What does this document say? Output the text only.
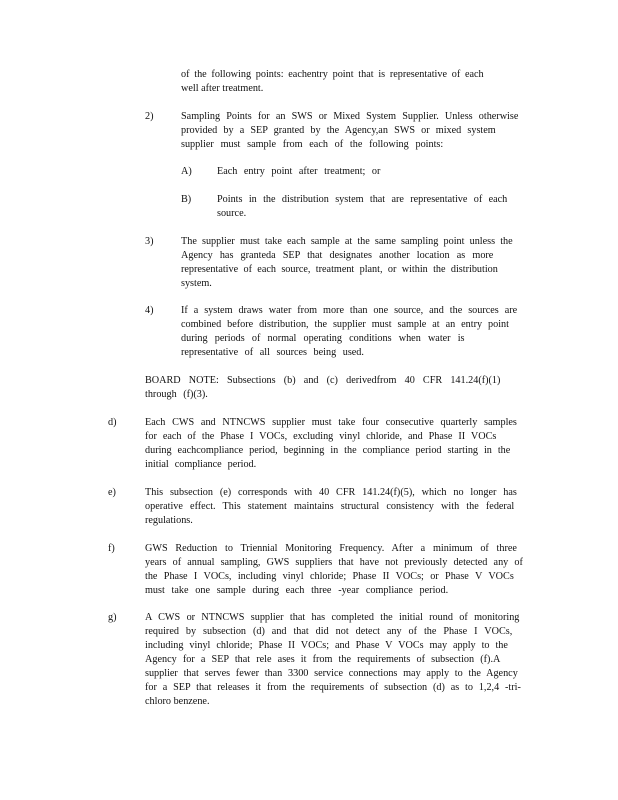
of the following points: eachentry point that is representative of each
well after treatment.
2)	Sampling Points for an SWS or Mixed System Supplier. Unless otherwise
provided by a SEP granted by the Agency,an SWS or mixed system
supplier must sample from each of the following points:
A) Each entry point after treatment; or
B)	Points in the distribution system that are representative of each
source.
3)	The supplier must take each sample at the same sampling point unless the
Agency has granteda SEP that designates another location as more
representative of each source, treatment plant, or within the distribution
system.
4)	If a system draws water from more than one source, and the sources are
combined before distribution, the supplier must sample at an entry point
during periods of normal operating conditions when water is
representative of all sources being used.
BOARD NOTE: Subsections (b) and (c) derivedfrom 40 CFR 141.24(f)(1)
through (f)(3).
d)	Each CWS and NTNCWS supplier must take four consecutive quarterly samples
for each of the Phase I VOCs, excluding vinyl chloride, and Phase II VOCs
during eachcompliance period, beginning in the compliance period starting in the
initial compliance period.
e)	This subsection (e) corresponds with 40 CFR 141.24(f)(5), which no longer has
operative effect. This statement maintains structural consistency with the federal
regulations.
f)	GWS Reduction to Triennial Monitoring Frequency. After a minimum of three
years of annual sampling, GWS suppliers that have not previously detected any of
the Phase I VOCs, including vinyl chloride; Phase II VOCs; or Phase V VOCs
must take one sample during each three -year compliance period.
g)	A CWS or NTNCWS supplier that has completed the initial round of monitoring
required by subsection (d) and that did not detect any of the Phase I VOCs,
including vinyl chloride; Phase II VOCs; and Phase V VOCs may apply to the
Agency for a SEP that rele ases it from the requirements of subsection (f).A
supplier that serves fewer than 3300 service connections may apply to the Agency
for a SEP that releases it from the requirements of subsection (d) as to 1,2,4 -tri-
chloro benzene.
